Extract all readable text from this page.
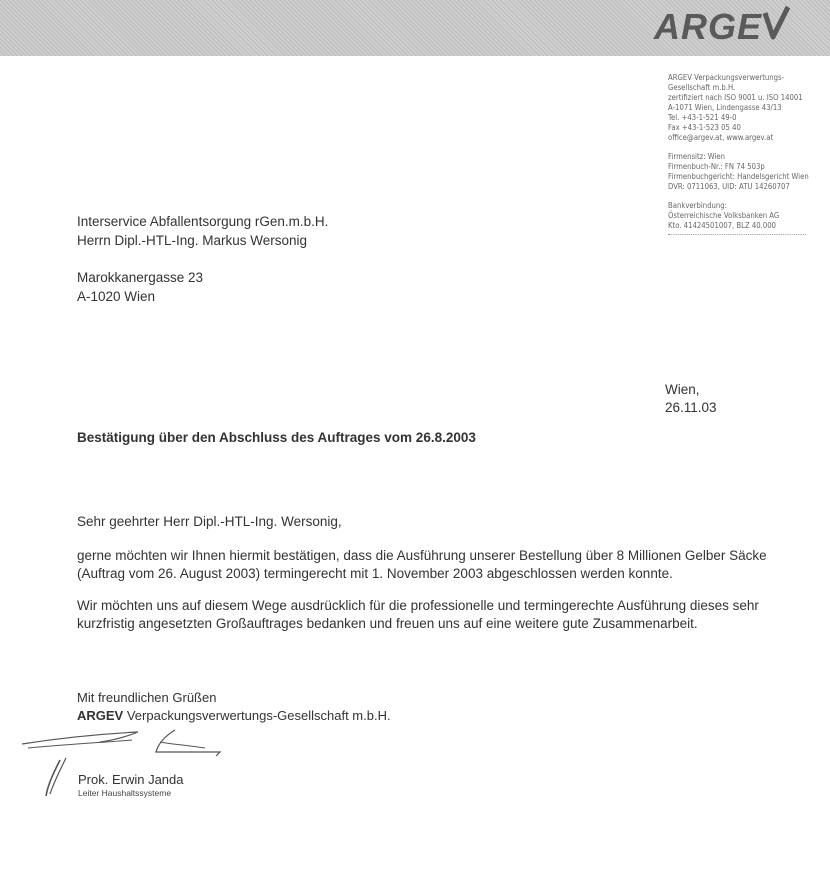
ARGE
ARGEV Verpackungsverwertungs-
Gesellschaft m.b.H.
zertifiziert nach ISO 9001 u. ISO 14001
A-1071 Wien, Lindengasse 43/13
Tel. +43-1-521 49-0
Fax +43-1-523 05 40
office@argev.at, www.argev.at
Firmensitz: Wien
Firmenbuch-Nr.: FN 74 503p
Firmenbuchgericht: Handelsgericht Wien
DVR: 0711063, UID: ATU 14260707
Bankverbindung:
Österreichische Volksbanken AG
Kto. 41424501007, BLZ 40.000
Interservice Abfallentsorgung rGen.m.b.H.
Herrn Dipl.-HTL-Ing. Markus Wersonig
Marokkanergasse 23
A-1020 Wien
Wien,
26.11.03
Bestätigung über den Abschluss des Auftrages vom 26.8.2003

Sehr geehrter Herr Dipl.-HTL-Ing. Wersonig,

gerne möchten wir Ihnen hiermit bestätigen, dass die Ausführung unserer Bestellung über 8 Millionen Gelber Säcke (Auftrag vom 26. August 2003) termingerecht mit 1. November 2003 abgeschlossen werden konnte.

Wir möchten uns auf diesem Wege ausdrücklich für die professionelle und termingerechte Ausführung dieses sehr kurzfristig angesetzten Großauftrages bedanken und freuen uns auf eine weitere gute Zusammenarbeit.

Mit freundlichen Grüßen
ARGEV Verpackungsverwertungs-Gesellschaft m.b.H.
Prok. Erwin Janda
Leiter Haushaltssysteme
